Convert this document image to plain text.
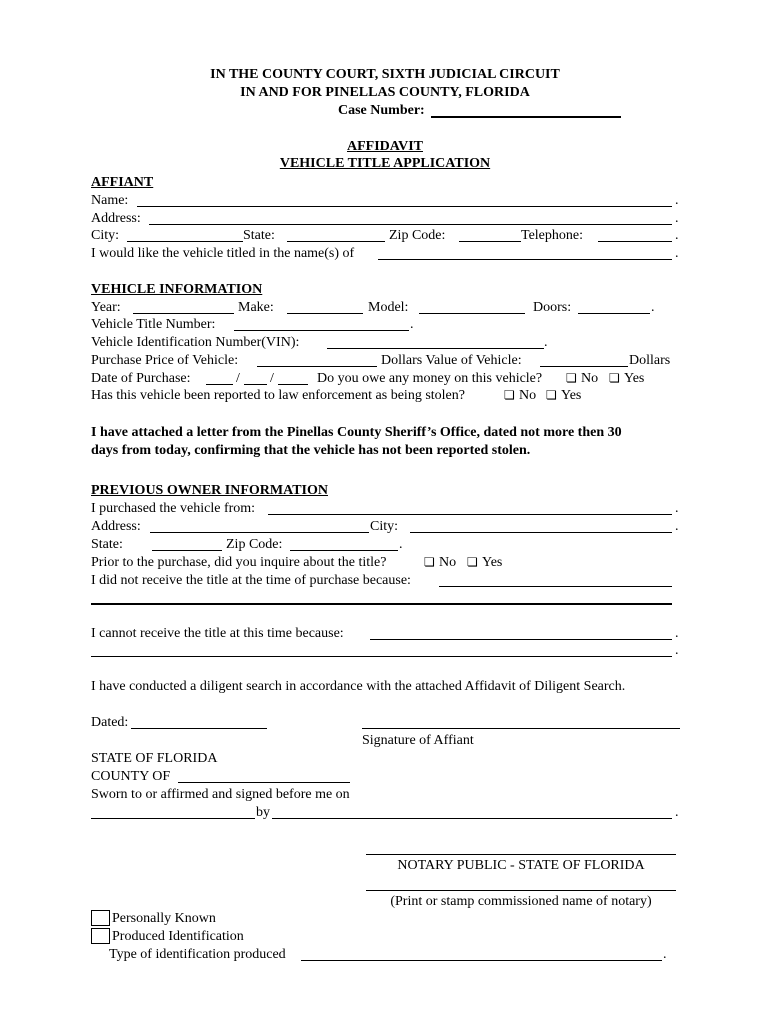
IN THE COUNTY COURT, SIXTH JUDICIAL CIRCUIT
IN AND FOR PINELLAS COUNTY, FLORIDA
Case Number:
AFFIDAVIT
VEHICLE TITLE APPLICATION
AFFIANT
Name:	.
Address:	.
City:	State:	Zip Code:	Telephone:	.
I would like the vehicle titled in the name(s) of	.
VEHICLE INFORMATION
Year:	Make:	Model:	Doors:	.
Vehicle Title Number:	.
Vehicle Identification Number(VIN):	.
Purchase Price of Vehicle:	Dollars Value of Vehicle:	Dollars
Date of Purchase:	/ /	Do you owe any money on this vehicle? ❏ No ❏ Yes
Has this vehicle been reported to law enforcement as being stolen?	❏ No ❏ Yes
I have attached a letter from the Pinellas County Sheriff’s Office, dated not more then 30
days from today, confirming that the vehicle has not been reported stolen.
PREVIOUS OWNER INFORMATION
I purchased the vehicle from:	.
Address:	City:	.
State:	Zip Code:	.
Prior to the purchase, did you inquire about the title?	❏ No ❏ Yes
I did not receive the title at the time of purchase because:
I cannot receive the title at this time because:	.
.
I have conducted a diligent search in accordance with the attached Affidavit of Diligent Search.
Dated:
Signature of Affiant
STATE OF FLORIDA
COUNTY OF
Sworn to or affirmed and signed before me on
by	.
NOTARY PUBLIC - STATE OF FLORIDA
(Print or stamp commissioned name of notary)
Personally Known
Produced Identification
Type of identification produced	.
